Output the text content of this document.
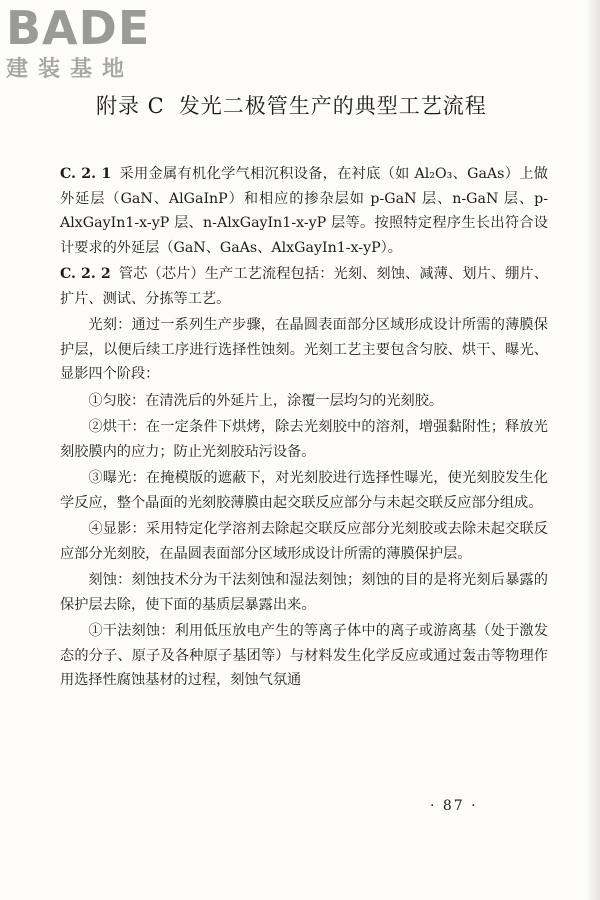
BADE
建装基地
附录 C 发光二极管生产的典型工艺流程

C. 2. 1 采用金属有机化学气相沉积设备，在衬底（如 Al₂O₃、GaAs）上做外延层（GaN、AlGaInP）和相应的掺杂层如 p-GaN 层、n-GaN 层、p-AlxGayIn1-x-yP 层、n-AlxGayIn1-x-yP 层等。按照特定程序生长出符合设计要求的外延层（GaN、GaAs、AlxGayIn1-x-yP）。

C. 2. 2 管芯（芯片）生产工艺流程包括：光刻、刻蚀、减薄、划片、绷片、扩片、测试、分拣等工艺。

光刻：通过一系列生产步骤，在晶圆表面部分区域形成设计所需的薄膜保护层，以便后续工序进行选择性蚀刻。光刻工艺主要包含匀胶、烘干、曝光、显影四个阶段：

①匀胶：在清洗后的外延片上，涂覆一层均匀的光刻胶。

②烘干：在一定条件下烘烤，除去光刻胶中的溶剂，增强黏附性；释放光刻胶膜内的应力；防止光刻胶玷污设备。

③曝光：在掩模版的遮蔽下，对光刻胶进行选择性曝光，使光刻胶发生化学反应，整个晶面的光刻胶薄膜由起交联反应部分与未起交联反应部分组成。

④显影：采用特定化学溶剂去除起交联反应部分光刻胶或去除未起交联反应部分光刻胶，在晶圆表面部分区域形成设计所需的薄膜保护层。

刻蚀：刻蚀技术分为干法刻蚀和湿法刻蚀；刻蚀的目的是将光刻后暴露的保护层去除，使下面的基质层暴露出来。

①干法刻蚀：利用低压放电产生的等离子体中的离子或游离基（处于激发态的分子、原子及各种原子基团等）与材料发生化学反应或通过轰击等物理作用选择性腐蚀基材的过程，刻蚀气氛通

· 87 ·
